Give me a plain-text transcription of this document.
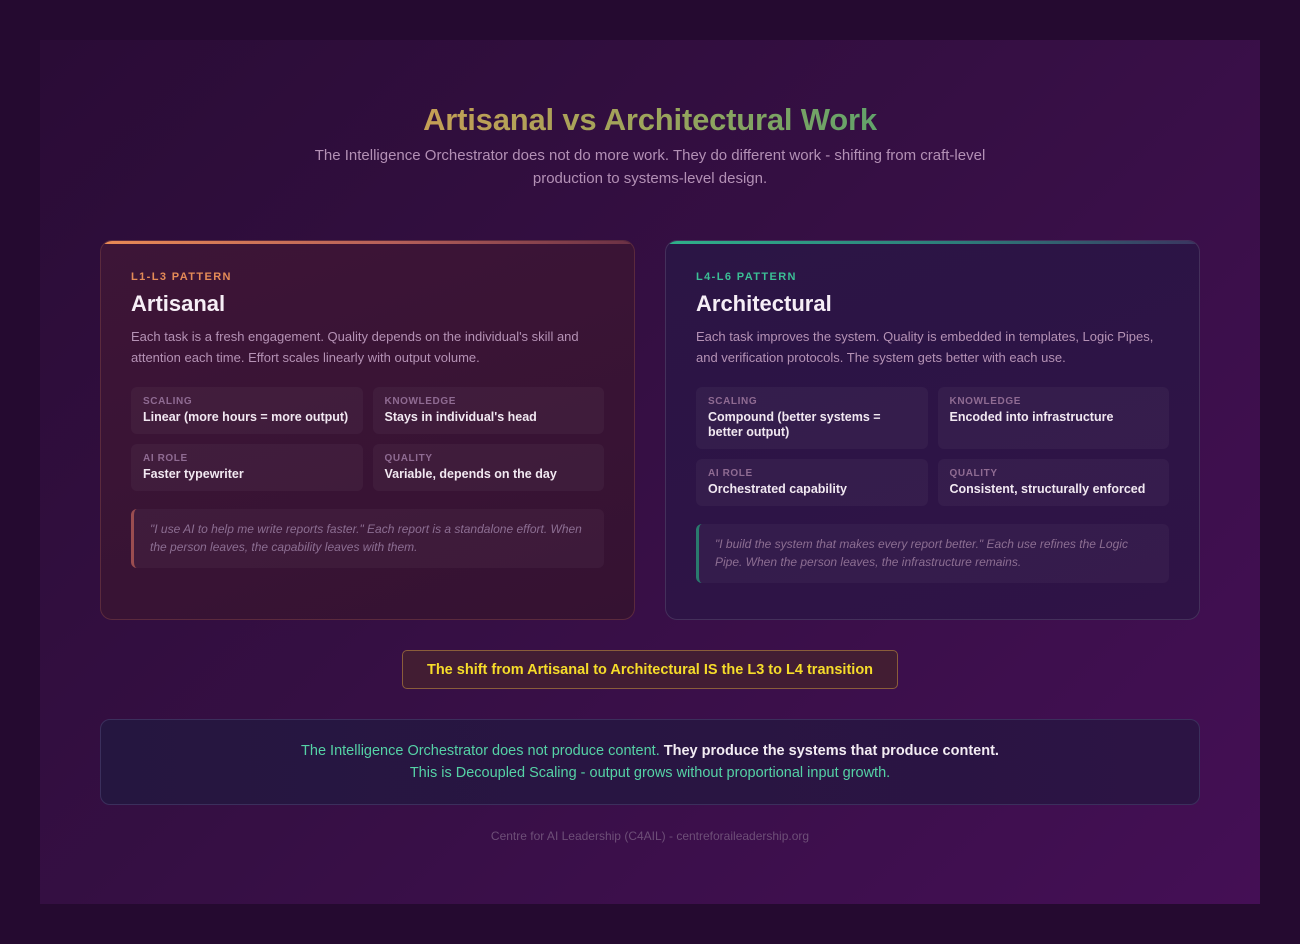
Artisanal vs Architectural Work

The Intelligence Orchestrator does not do more work. They do different work - shifting from craft-level production to systems-level design.

L1-L3 PATTERN
Artisanal
Each task is a fresh engagement. Quality depends on the individual's skill and attention each time. Effort scales linearly with output volume.
SCALING
Linear (more hours = more output)
KNOWLEDGE
Stays in individual's head
AI ROLE
Faster typewriter
QUALITY
Variable, depends on the day
"I use AI to help me write reports faster." Each report is a standalone effort. When the person leaves, the capability leaves with them.
L4-L6 PATTERN
Architectural
Each task improves the system. Quality is embedded in templates, Logic Pipes, and verification protocols. The system gets better with each use.
SCALING
Compound (better systems = better output)
KNOWLEDGE
Encoded into infrastructure
AI ROLE
Orchestrated capability
QUALITY
Consistent, structurally enforced
"I build the system that makes every report better." Each use refines the Logic Pipe. When the person leaves, the infrastructure remains.
The shift from Artisanal to Architectural IS the L3 to L4 transition
The Intelligence Orchestrator does not produce content. They produce the systems that produce content.
This is Decoupled Scaling - output grows without proportional input growth.
Centre for AI Leadership (C4AIL) - centreforaileadership.org
